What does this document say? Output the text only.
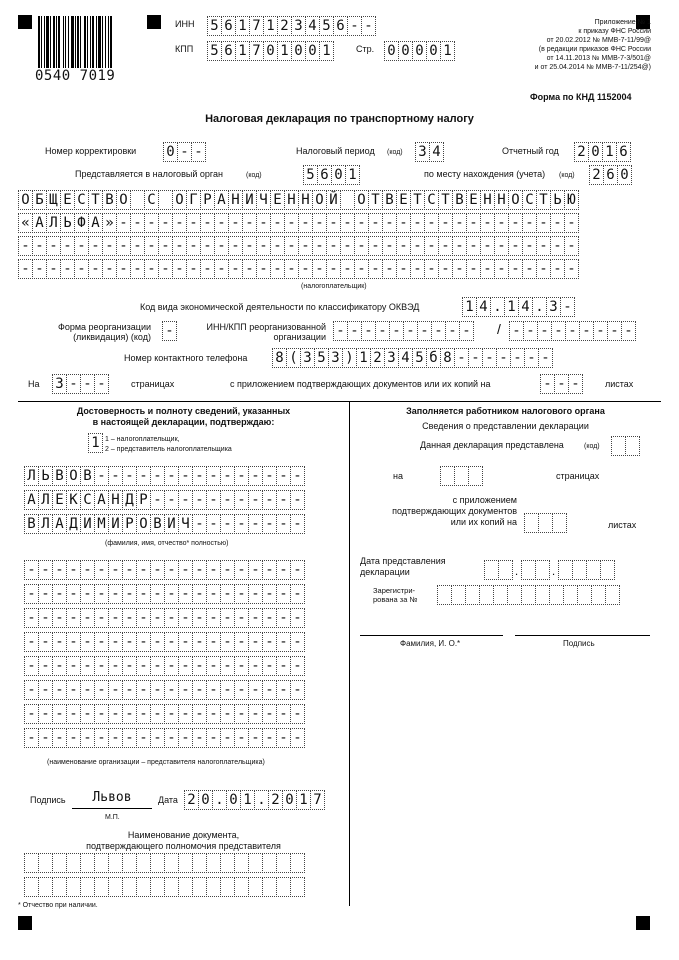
0540 7019
ИНН 5 6 1 7 1 2 3 4 5 6 - -
КПП 5 6 1 7 0 1 0 0 1	Стр. 0 0 0 0 1
Приложение № 1
к приказу ФНС России
от 20.02.2012 № ММВ-7-11/99@
(в редакции приказов ФНС России
от 14.11.2013 № ММВ-7-3/501@
и от 25.04.2014 № ММВ-7-11/254@)
Форма по КНД 1152004
Налоговая декларация по транспортному налогу
Номер корректировки 0 - -	Налоговый период (код) 3 4	Отчетный год 2 0 1 6
Представляется в налоговый орган	(код)	5 6 0 1	по месту нахождения (учета) (код) 2 6 0
О Б Щ Е С Т В О С О Г Р А Н И Ч Е Н Н О Й О Т В Е Т С Т В Е Н Н О С Т Ь Ю
« А Л Ь Ф А » - - - - - - - - - - - - - - - - - - - - - - - - - - - - - - - - -
- - - - - - - - - - - - - - - - - - - - - - - - - - - - - - - - - - - - - - - -
- - - - - - - - - - - - - - - - - - - - - - - - - - - - - - - - - - - - - - - -
(налогоплательщик)
Код вида экономической деятельности по классификатору ОКВЭД	1 4 . 1 4 . 3 -
Форма реорганизации
(ликвидация) (код) -	ИНН/КПП реорганизованной
организации - - - - - - - - - - / - - - - - - - - -
Номер контактного телефона 8 ( 3 5 3 ) 1 2 3 4 5 б 8 - - - - - - -
На 3 - - -	страницах	с приложением подтверждающих документов или их копий на	- - -	листах
Достоверность и полноту сведений, указанных
в настоящей декларации, подтверждаю:
1 1 – налогоплательщик,
2 – представитель налогоплательщика
Л Ь В О В - - - - - - - - - - - - - - -
А Л Е К С А Н Д Р - - - - - - - - - - -
В Л А Д И М И Р О В И Ч - - - - - - - -
(фамилия, имя, отчество* полностью)
- - - - - - - - - - - - - - - - - - - -
- - - - - - - - - - - - - - - - - - - -
- - - - - - - - - - - - - - - - - - - -
- - - - - - - - - - - - - - - - - - - -
- - - - - - - - - - - - - - - - - - - -
- - - - - - - - - - - - - - - - - - - -
- - - - - - - - - - - - - - - - - - - -
- - - - - - - - - - - - - - - - - - - -
(наименование организации – представителя налогоплательщика)
Подпись	Львов	Дата 2 0 . 0 1 . 2 0 1 7
М.П.
Наименование документа,
подтверждающего полномочия представителя
* Отчество при наличии.
Заполняется работником налогового органа
Сведения о представлении декларации
Данная декларация представлена	(код)
на	страницах
с приложением
подтверждающих документов
или их копий на	листах
Дата представления
декларации	.	.
Зарегистри-
рована за №
Фамилия, И. О.*	Подпись
